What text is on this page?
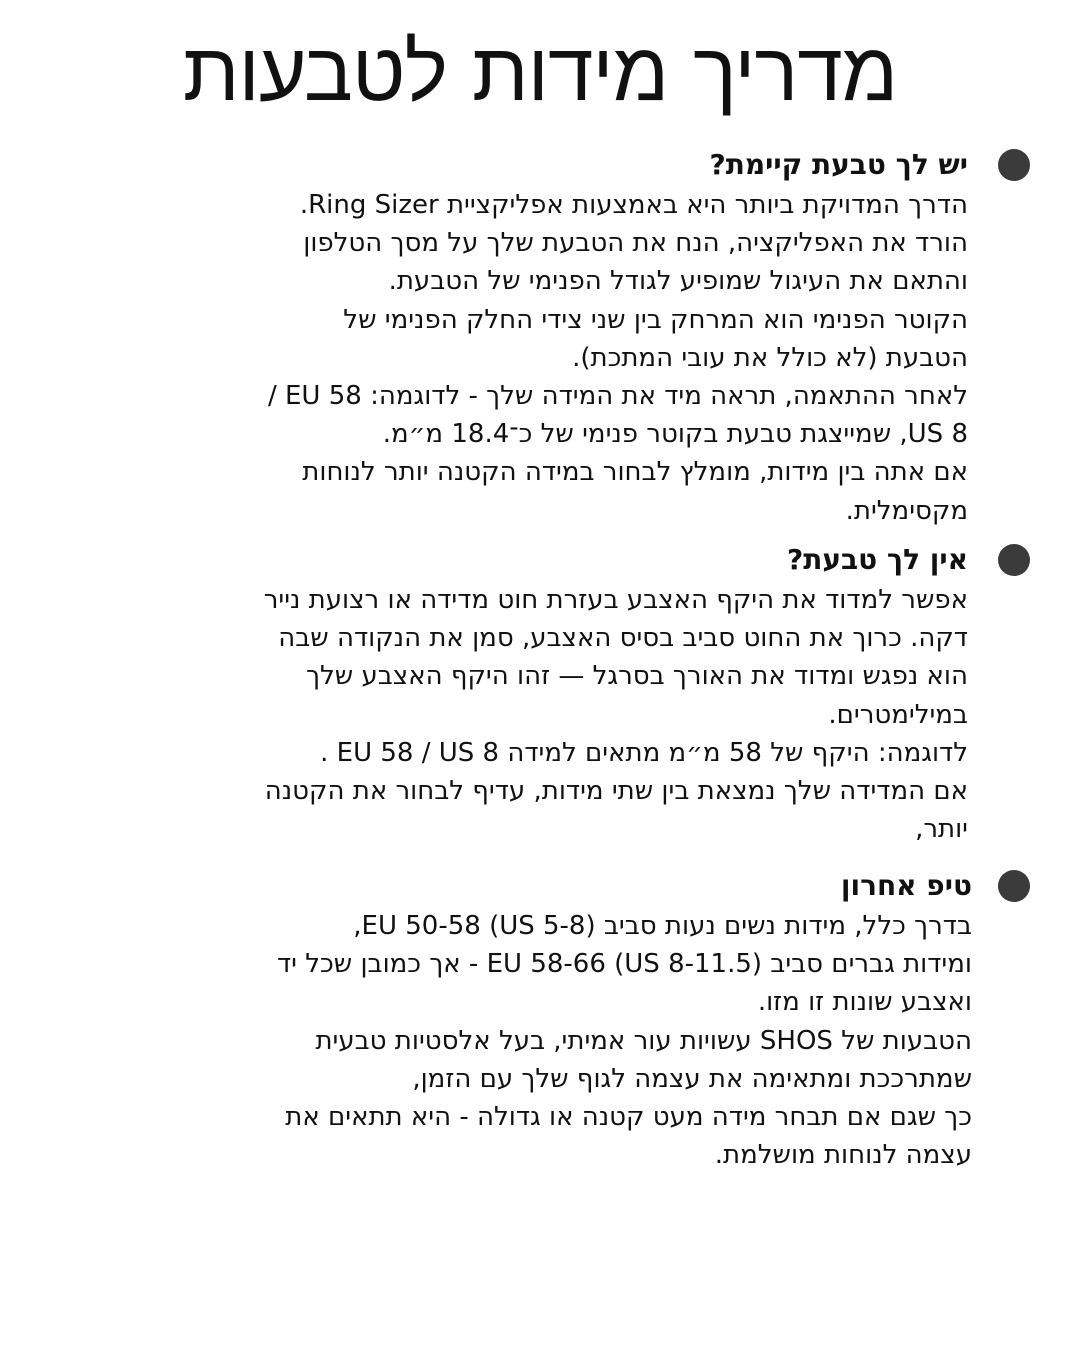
מדריך מידות לטבעות
יש לך טבעת קיימת?
הדרך המדויקת ביותר היא באמצעות אפליקציית Ring Sizer.
הורד את האפליקציה, הנח את הטבעת שלך על מסך הטלפון
והתאם את העיגול שמופיע לגודל הפנימי של הטבעת.
הקוטר הפנימי הוא המרחק בין שני צידי החלק הפנימי של
הטבעת (לא כולל את עובי המתכת).
לאחר ההתאמה, תראה מיד את המידה שלך - לדוגמה: EU 58 /
US 8, שמייצגת טבעת בקוטר פנימי של כ־18.4 מ״מ.
אם אתה בין מידות, מומלץ לבחור במידה הקטנה יותר לנוחות
מקסימלית.
אין לך טבעת?
אפשר למדוד את היקף האצבע בעזרת חוט מדידה או רצועת נייר
דקה. כרוך את החוט סביב בסיס האצבע, סמן את הנקודה שבה
הוא נפגש ומדוד את האורך בסרגל — זהו היקף האצבע שלך
במילימטרים.
לדוגמה: היקף של 58 מ״מ מתאים למידה EU 58 / US 8 .
אם המדידה שלך נמצאת בין שתי מידות, עדיף לבחור את הקטנה
יותר,
טיפ אחרון
בדרך כלל, מידות נשים נעות סביב EU 50-58 (US 5-8),
ומידות גברים סביב EU 58-66 (US 8-11.5) - אך כמובן שכל יד
ואצבע שונות זו מזו.
הטבעות של SHOS עשויות עור אמיתי, בעל אלסטיות טבעית
שמתרככת ומתאימה את עצמה לגוף שלך עם הזמן,
כך שגם אם תבחר מידה מעט קטנה או גדולה - היא תתאים את
עצמה לנוחות מושלמת.
